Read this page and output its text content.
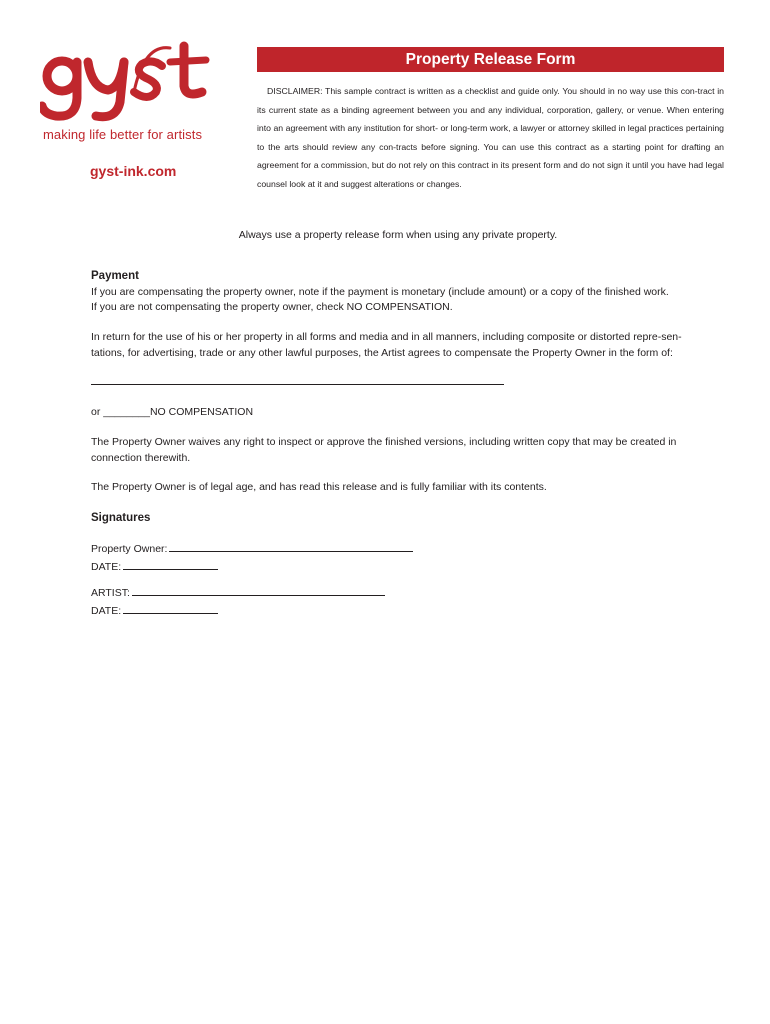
making life better for artists
gyst-ink.com
Property Release Form

DISCLAIMER: This sample contract is written as a checklist and guide only. You should in no way use this con-tract in its current state as a binding agreement between you and any individual, corporation, gallery, or venue. When entering into an agreement with any institution for short- or long-term work, a lawyer or attorney skilled in legal practices pertaining to the arts should review any con-tracts before signing. You can use this contract as a starting point for drafting an agreement for a commission, but do not rely on this contract in its present form and do not sign it until you have had legal counsel look at it and suggest alterations or changes.

Always use a property release form when using any private property.

Payment
If you are compensating the property owner, note if the payment is monetary (include amount) or a copy of the finished work.
If you are not compensating the property owner, check NO COMPENSATION.

In return for the use of his or her property in all forms and media and in all manners, including composite or distorted repre-sen-tations, for advertising, trade or any other lawful purposes, the Artist agrees to compensate the Property Owner in the form of:

or ________NO COMPENSATION

The Property Owner waives any right to inspect or approve the finished versions, including written copy that may be created in connection therewith.

The Property Owner is of legal age, and has read this release and is fully familiar with its contents.

Signatures
Property Owner:
DATE:
ARTIST:
DATE:
